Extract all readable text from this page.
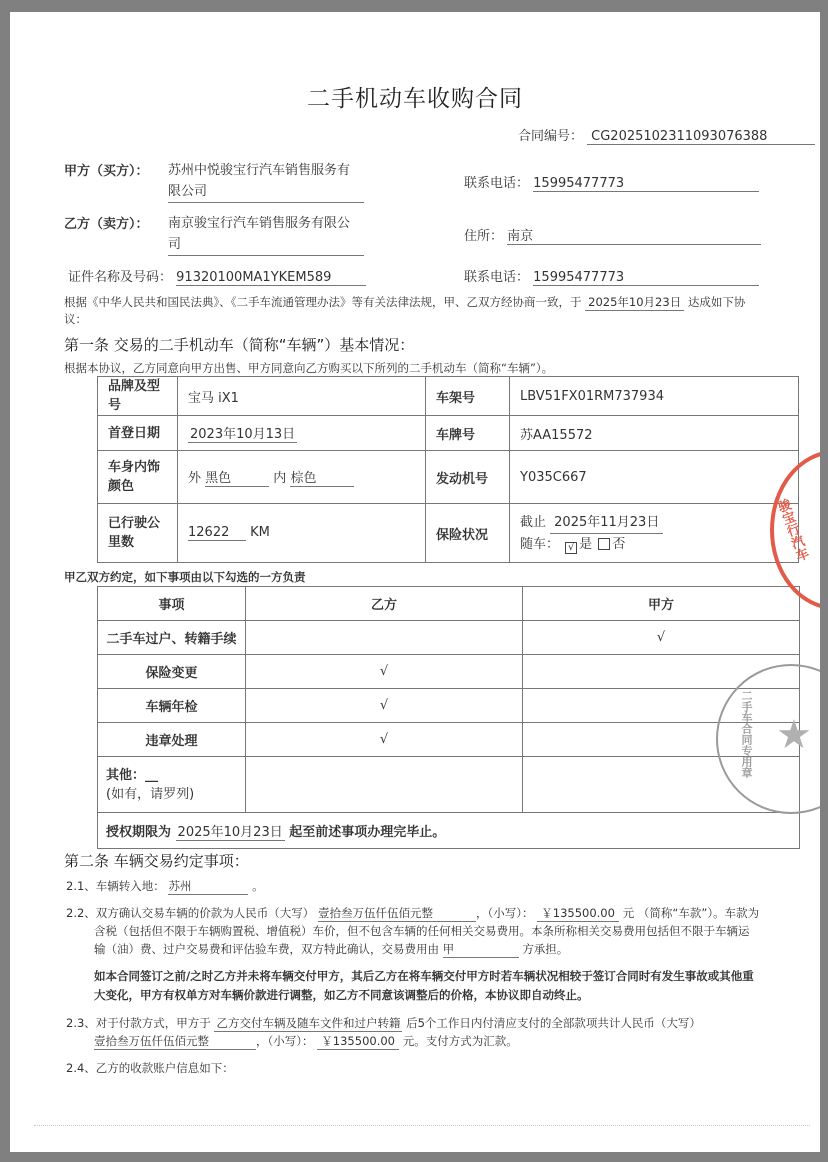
二手机动车收购合同
合同编号： CG2025102311093076388
甲方（买方）： 苏州中悦骏宝行汽车销售服务有
限公司
联系电话： 15995477773
乙方（卖方）： 南京骏宝行汽车销售服务有限公
司
住所： 南京
证件名称及号码： 91320100MA1YKEM589	联系电话： 15995477773
根据《中华人民共和国民法典》、《二手车流通管理办法》等有关法律法规，甲、乙双方经协商一致，于 2025年10月23日 达成如下协
议：
第一条 交易的二手机动车（简称“车辆”）基本情况：
根据本协议，乙方同意向甲方出售、甲方同意向乙方购买以下所列的二手机动车（简称“车辆”）。
品牌及型号	宝马 iX1	车架号	LBV51FX01RM737934
首登日期	2023年10月13日	车牌号	苏AA15572
车身内饰颜色	外 黑色 内 棕色	发动机号	Y035C667
已行驶公里数	12622 KM	保险状况	截止 2025年11月23日
随车： √ 是 否
甲乙双方约定，如下事项由以下勾选的一方负责
事项	乙方	甲方
二手车过户、转籍手续		√
保险变更	√	
车辆年检	√	
违章处理	√	

其他：__
(如有，请罗列)		

授权期限为 2025年10月23日 起至前述事项办理完毕止。		
第二条 车辆交易约定事项：
2.1、车辆转入地： 苏州	。
2.2、双方确认交易车辆的价款为人民币（大写） 壹拾叁万伍仟伍佰元整	，（小写）： ￥135500.00 元 （简称“车款”）。车款为
含税（包括但不限于车辆购置税、增值税）车价，但不包含车辆的任何相关交易费用。本条所称相关交易费用包括但不限于车辆运
输（油）费、过户交易费和评估验车费，双方特此确认，交易费用由 甲	方承担。
如本合同签订之前/之时乙方并未将车辆交付甲方，其后乙方在将车辆交付甲方时若车辆状况相较于签订合同时有发生事故或其他重
大变化，甲方有权单方对车辆价款进行调整，如乙方不同意该调整后的价格，本协议即自动终止。
2.3、对于付款方式，甲方于 乙方交付车辆及随车文件和过户转籍 后5个工作日内付清应支付的全部款项共计人民币（大写）
壹拾叁万伍仟伍佰元整	，（小写）： ￥135500.00 元。支付方式为汇款。
2.4、乙方的收款账户信息如下：
骏宝行汽车
二手车合同专用章 ★
